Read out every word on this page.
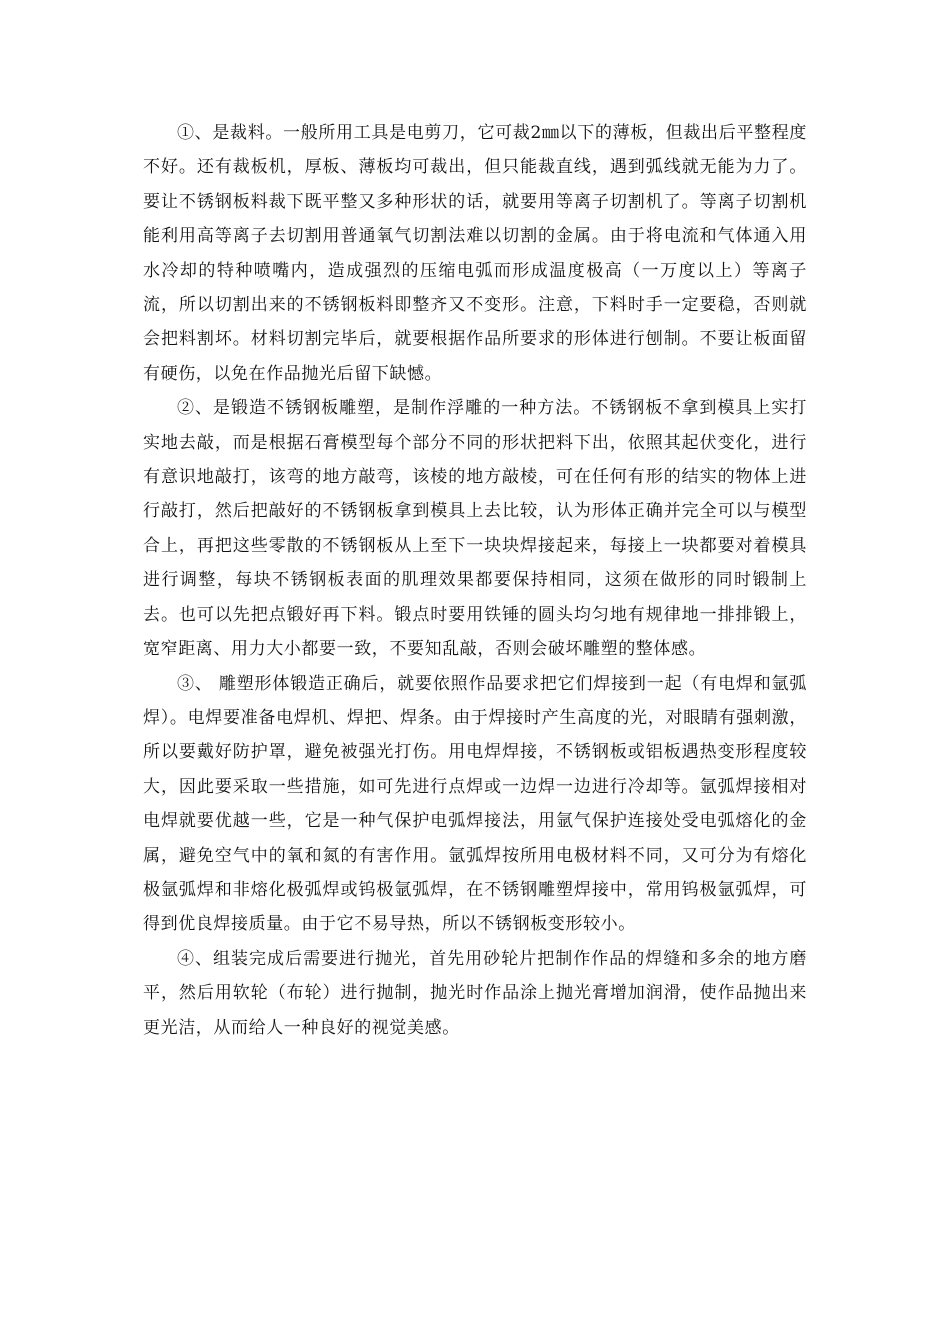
①、是裁料。一般所用工具是电剪刀，它可裁2㎜以下的薄板，但裁出后平整程度不好。还有裁板机，厚板、薄板均可裁出，但只能裁直线，遇到弧线就无能为力了。要让不锈钢板料裁下既平整又多种形状的话，就要用等离子切割机了。等离子切割机能利用高等离子去切割用普通氧气切割法难以切割的金属。由于将电流和气体通入用水冷却的特种喷嘴内，造成强烈的压缩电弧而形成温度极高（一万度以上）等离子流，所以切割出来的不锈钢板料即整齐又不变形。注意，下料时手一定要稳，否则就会把料割坏。材料切割完毕后，就要根据作品所要求的形体进行刨制。不要让板面留有硬伤，以免在作品抛光后留下缺憾。

②、是锻造不锈钢板雕塑，是制作浮雕的一种方法。不锈钢板不拿到模具上实打实地去敲，而是根据石膏模型每个部分不同的形状把料下出，依照其起伏变化，进行有意识地敲打，该弯的地方敲弯，该棱的地方敲棱，可在任何有形的结实的物体上进行敲打，然后把敲好的不锈钢板拿到模具上去比较，认为形体正确并完全可以与模型合上，再把这些零散的不锈钢板从上至下一块块焊接起来，每接上一块都要对着模具进行调整，每块不锈钢板表面的肌理效果都要保持相同，这须在做形的同时锻制上去。也可以先把点锻好再下料。锻点时要用铁锤的圆头均匀地有规律地一排排锻上，宽窄距离、用力大小都要一致，不要知乱敲，否则会破坏雕塑的整体感。

③、 雕塑形体锻造正确后，就要依照作品要求把它们焊接到一起（有电焊和氩弧焊）。电焊要准备电焊机、焊把、焊条。由于焊接时产生高度的光，对眼睛有强刺激，所以要戴好防护罩，避免被强光打伤。用电焊焊接，不锈钢板或铝板遇热变形程度较大，因此要采取一些措施，如可先进行点焊或一边焊一边进行冷却等。氩弧焊接相对电焊就要优越一些，它是一种气保护电弧焊接法，用氩气保护连接处受电弧熔化的金属，避免空气中的氧和氮的有害作用。氩弧焊按所用电极材料不同，又可分为有熔化极氩弧焊和非熔化极弧焊或钨极氩弧焊，在不锈钢雕塑焊接中，常用钨极氩弧焊，可得到优良焊接质量。由于它不易导热，所以不锈钢板变形较小。

④、组装完成后需要进行抛光，首先用砂轮片把制作作品的焊缝和多余的地方磨平，然后用软轮（布轮）进行抛制，抛光时作品涂上抛光膏增加润滑，使作品抛出来更光洁，从而给人一种良好的视觉美感。
